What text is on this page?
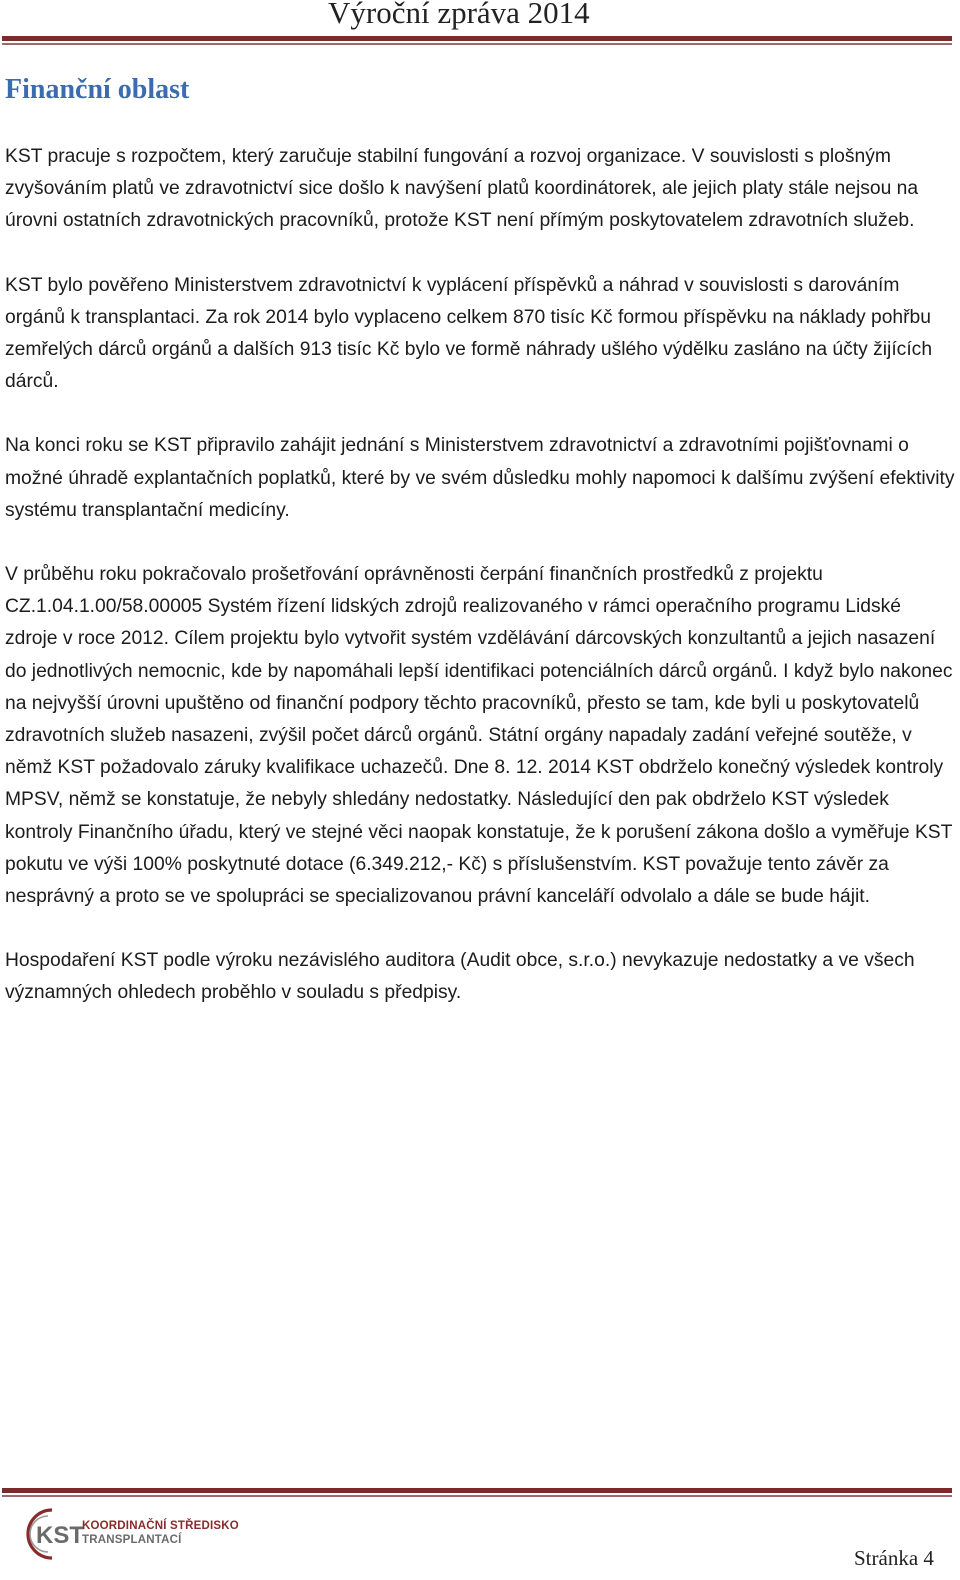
Výroční zpráva 2014
Finanční oblast

KST pracuje s rozpočtem, který zaručuje stabilní fungování a rozvoj organizace. V souvislosti s plošným zvyšováním platů ve zdravotnictví sice došlo k navýšení platů koordinátorek, ale jejich platy stále nejsou na úrovni ostatních zdravotnických pracovníků, protože KST není přímým poskytovatelem zdravotních služeb.

KST bylo pověřeno Ministerstvem zdravotnictví k vyplácení příspěvků a náhrad v souvislosti s darováním orgánů k transplantaci. Za rok 2014 bylo vyplaceno celkem 870 tisíc Kč formou příspěvku na náklady pohřbu zemřelých dárců orgánů a dalších 913 tisíc Kč bylo ve formě náhrady ušlého výdělku zasláno na účty žijících dárců.

Na konci roku se KST připravilo zahájit jednání s Ministerstvem zdravotnictví a zdravotními pojišťovnami o možné úhradě explantačních poplatků, které by ve svém důsledku mohly napomoci k dalšímu zvýšení efektivity systému transplantační medicíny.

V průběhu roku pokračovalo prošetřování oprávněnosti čerpání finančních prostředků z projektu CZ.1.04.1.00/58.00005 Systém řízení lidských zdrojů realizovaného v rámci operačního programu Lidské zdroje v roce 2012. Cílem projektu bylo vytvořit systém vzdělávání dárcovských konzultantů a jejich nasazení do jednotlivých nemocnic, kde by napomáhali lepší identifikaci potenciálních dárců orgánů. I když bylo nakonec na nejvyšší úrovni upuštěno od finanční podpory těchto pracovníků, přesto se tam, kde byli u poskytovatelů zdravotních služeb nasazeni, zvýšil počet dárců orgánů. Státní orgány napadaly zadání veřejné soutěže, v němž KST požadovalo záruky kvalifikace uchazečů. Dne 8. 12. 2014 KST obdrželo konečný výsledek kontroly MPSV, němž se konstatuje, že nebyly shledány nedostatky. Následující den pak obdrželo KST výsledek kontroly Finančního úřadu, který ve stejné věci naopak konstatuje, že k porušení zákona došlo a vyměřuje KST pokutu ve výši 100% poskytnuté dotace (6.349.212,- Kč) s příslušenstvím. KST považuje tento závěr za nesprávný a proto se ve spolupráci se specializovanou právní kanceláří odvolalo a dále se bude hájit.

Hospodaření KST podle výroku nezávislého auditora (Audit obce, s.r.o.) nevykazuje nedostatky a ve všech významných ohledech proběhlo v souladu s předpisy.

KST
KOORDINAČNÍ STŘEDISKO
TRANSPLANTACÍ
Stránka 4
